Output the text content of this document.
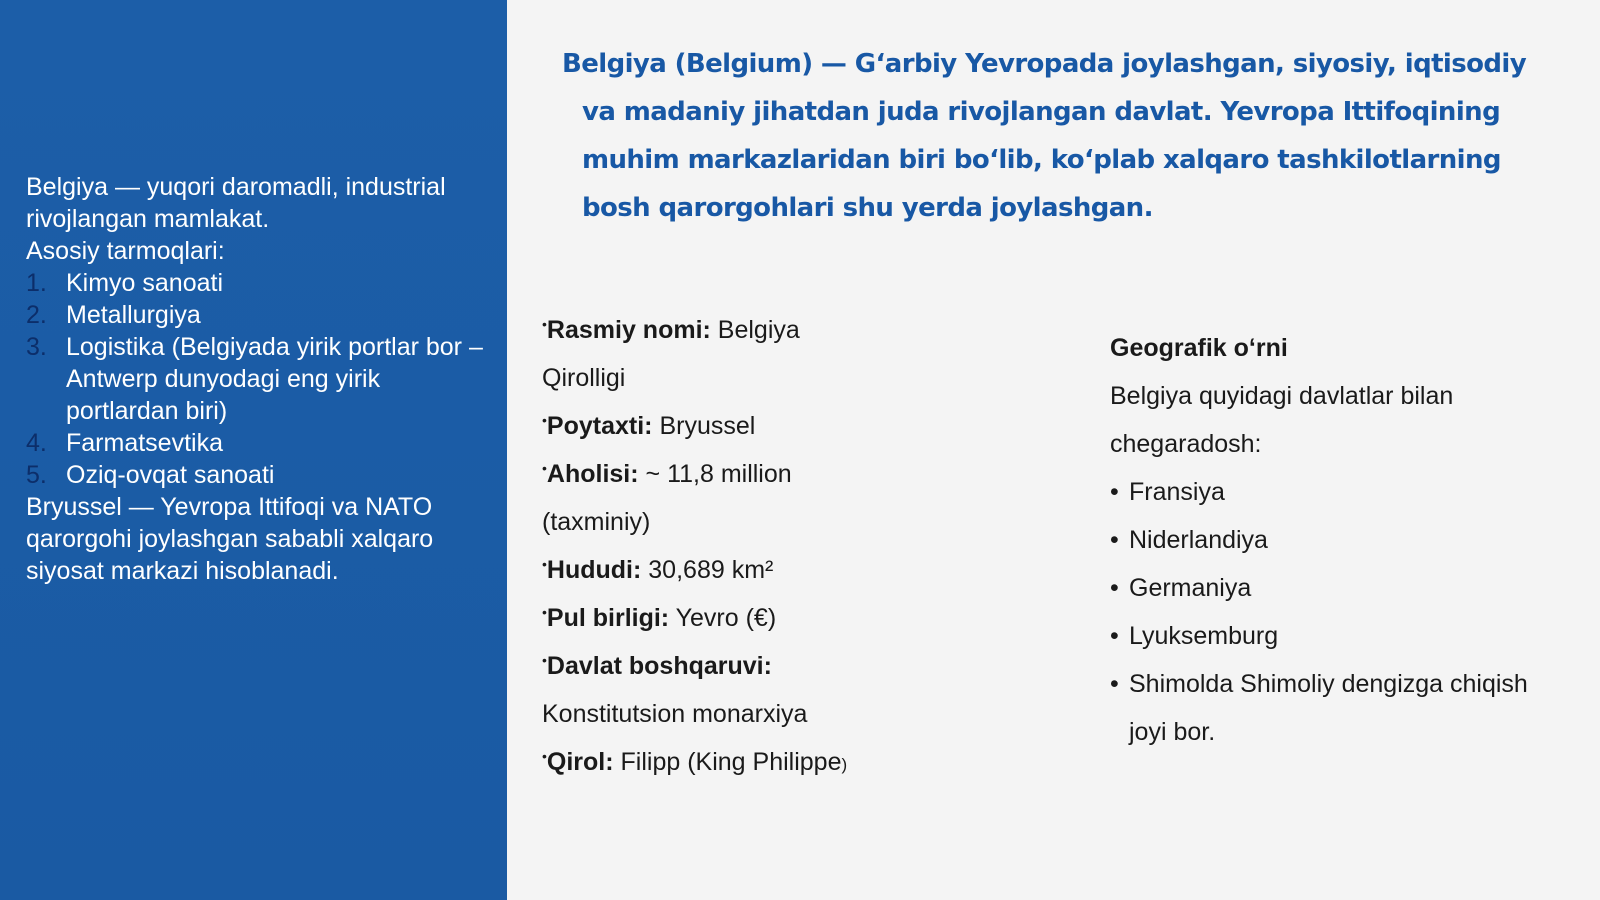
Belgiya — yuqori daromadli, industrial rivojlangan mamlakat.

Asosiy tarmoqlari:

1. Kimyo sanoati
2. Metallurgiya
3. Logistika (Belgiyada yirik portlar bor – Antwerp dunyodagi eng yirik portlardan biri)
4. Farmatsevtika
5. Oziq-ovqat sanoati

Bryussel — Yevropa Ittifoqi va NATO qarorgohi joylashgan sababli xalqaro siyosat markazi hisoblanadi.

Belgiya (Belgium) — G‘arbiy Yevropada joylashgan, siyosiy, iqtisodiy
va madaniy jihatdan juda rivojlangan davlat. Yevropa Ittifoqining
muhim markazlaridan biri bo‘lib, ko‘plab xalqaro tashkilotlarning
bosh qarorgohlari shu yerda joylashgan.

•Rasmiy nomi: Belgiya Qirolligi

•Poytaxti: Bryussel

•Aholisi: ~ 11,8 million (taxminiy)

•Hududi: 30,689 km²

•Pul birligi: Yevro (€)

•Davlat boshqaruvi: Konstitutsion monarxiya

•Qirol: Filipp (King Philippe)

Geografik o‘rni
Belgiya quyidagi davlatlar bilan chegaradosh:
• Fransiya
• Niderlandiya
• Germaniya
• Lyuksemburg
• Shimolda Shimoliy dengizga chiqish joyi bor.
